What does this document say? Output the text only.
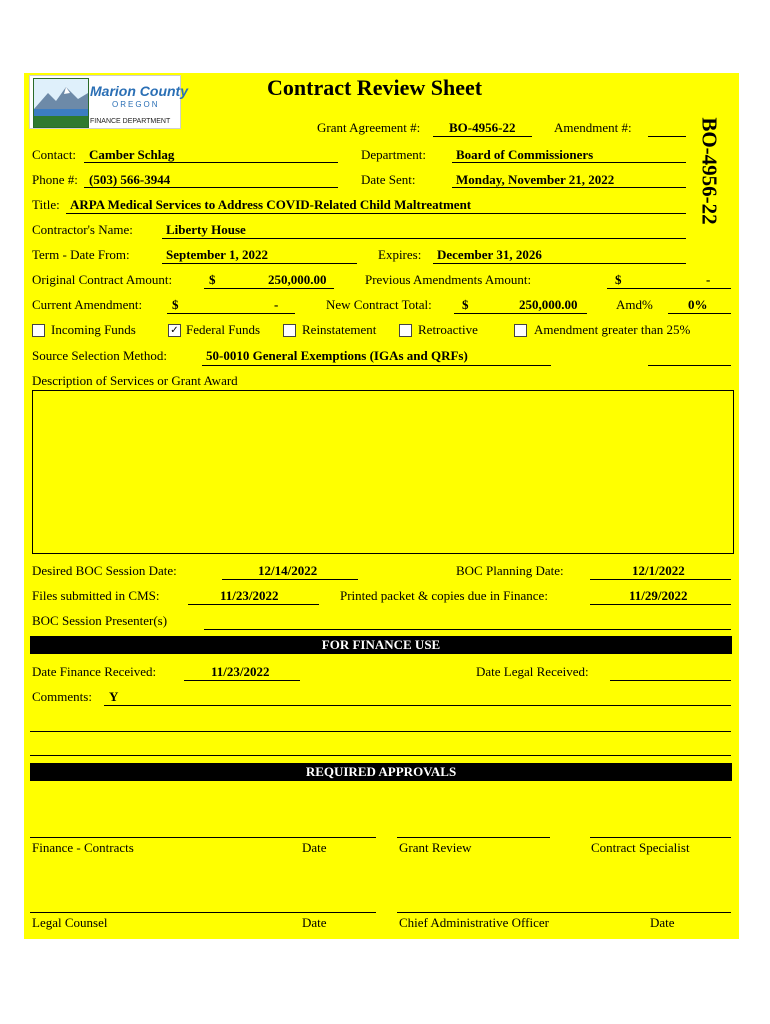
Marion County
OREGON
FINANCE DEPARTMENT
Contract Review Sheet
BO-4956-22
Grant Agreement #: BO-4956-22	Amendment #:
Contact: Camber Schlag	Department: Board of Commissioners
Phone #: (503) 566-3944	Date Sent:	Monday, November 21, 2022
Title: ARPA Medical Services to Address COVID-Related Child Maltreatment
Contractor's Name:	Liberty House
Term - Date From:	September 1, 2022	Expires: December 31, 2026
Original Contract Amount:	$	250,000.00	Previous Amendments Amount:	$	-
Current Amendment: $	-	New Contract Total: $	250,000.00	Amd%	0%
Incoming Funds	✓ Federal Funds	Reinstatement	Retroactive	Amendment greater than 25%
Source Selection Method:	50-0010 General Exemptions (IGAs and QRFs)
Description of Services or Grant Award
Desired BOC Session Date:	12/14/2022	BOC Planning Date:	12/1/2022
Files submitted in CMS:	11/23/2022	Printed packet & copies due in Finance:	11/29/2022
BOC Session Presenter(s)
FOR FINANCE USE
Date Finance Received:	11/23/2022	Date Legal Received:
Comments: Y
REQUIRED APPROVALS
Finance - Contracts	Date	Grant Review	Contract Specialist
Legal Counsel	Date	Chief Administrative Officer	Date
